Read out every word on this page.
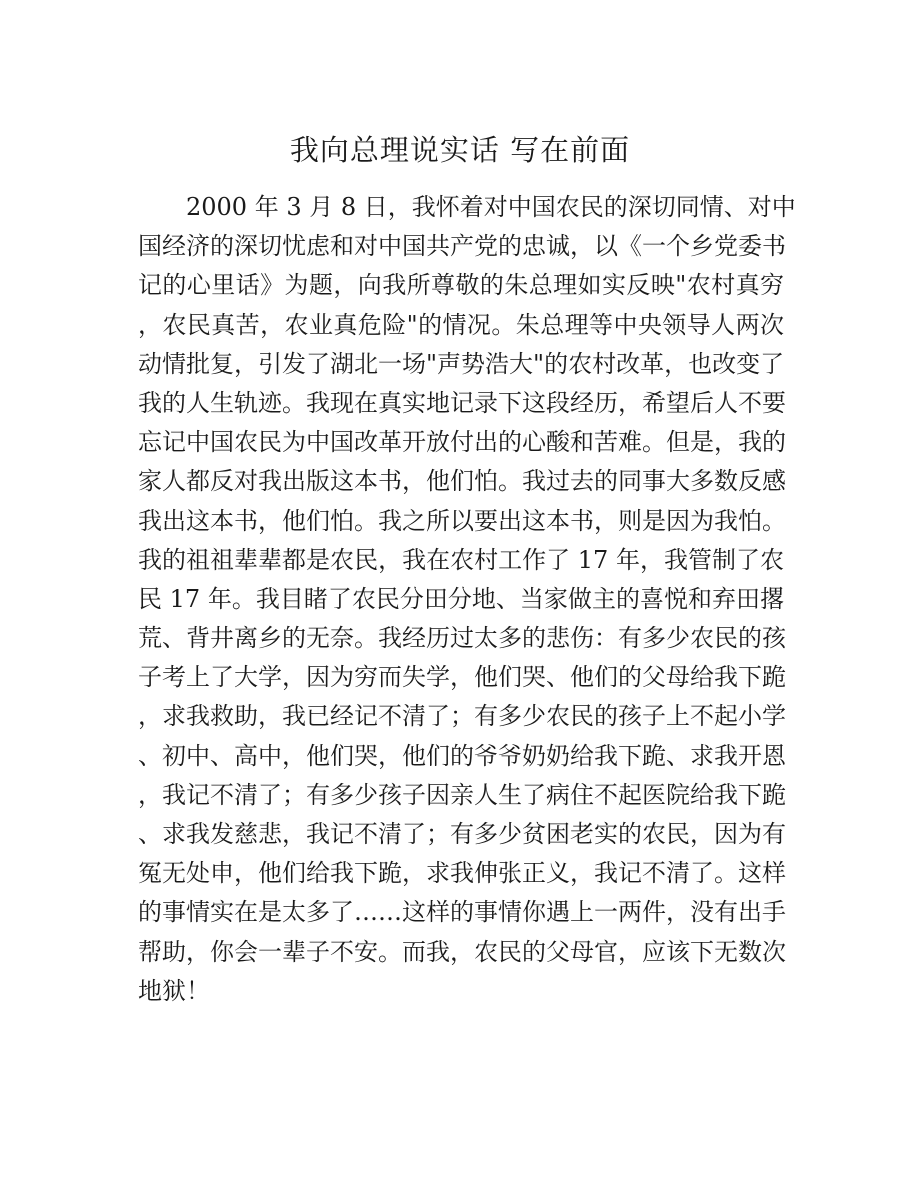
我向总理说实话 写在前面
2000 年 3 月 8 日，我怀着对中国农民的深切同情、对中
国经济的深切忧虑和对中国共产党的忠诚，以《一个乡党委书
记的心里话》为题，向我所尊敬的朱总理如实反映"农村真穷
，农民真苦，农业真危险"的情况。朱总理等中央领导人两次
动情批复，引发了湖北一场"声势浩大"的农村改革，也改变了
我的人生轨迹。我现在真实地记录下这段经历，希望后人不要
忘记中国农民为中国改革开放付出的心酸和苦难。但是，我的
家人都反对我出版这本书，他们怕。我过去的同事大多数反感
我出这本书，他们怕。我之所以要出这本书，则是因为我怕。
我的祖祖辈辈都是农民，我在农村工作了 17 年，我管制了农
民 17 年。我目睹了农民分田分地、当家做主的喜悦和弃田撂
荒、背井离乡的无奈。我经历过太多的悲伤：有多少农民的孩
子考上了大学，因为穷而失学，他们哭、他们的父母给我下跪
，求我救助，我已经记不清了；有多少农民的孩子上不起小学
、初中、高中，他们哭，他们的爷爷奶奶给我下跪、求我开恩
，我记不清了；有多少孩子因亲人生了病住不起医院给我下跪
、求我发慈悲，我记不清了；有多少贫困老实的农民，因为有
冤无处申，他们给我下跪，求我伸张正义，我记不清了。这样
的事情实在是太多了……这样的事情你遇上一两件，没有出手
帮助，你会一辈子不安。而我，农民的父母官，应该下无数次
地狱！
